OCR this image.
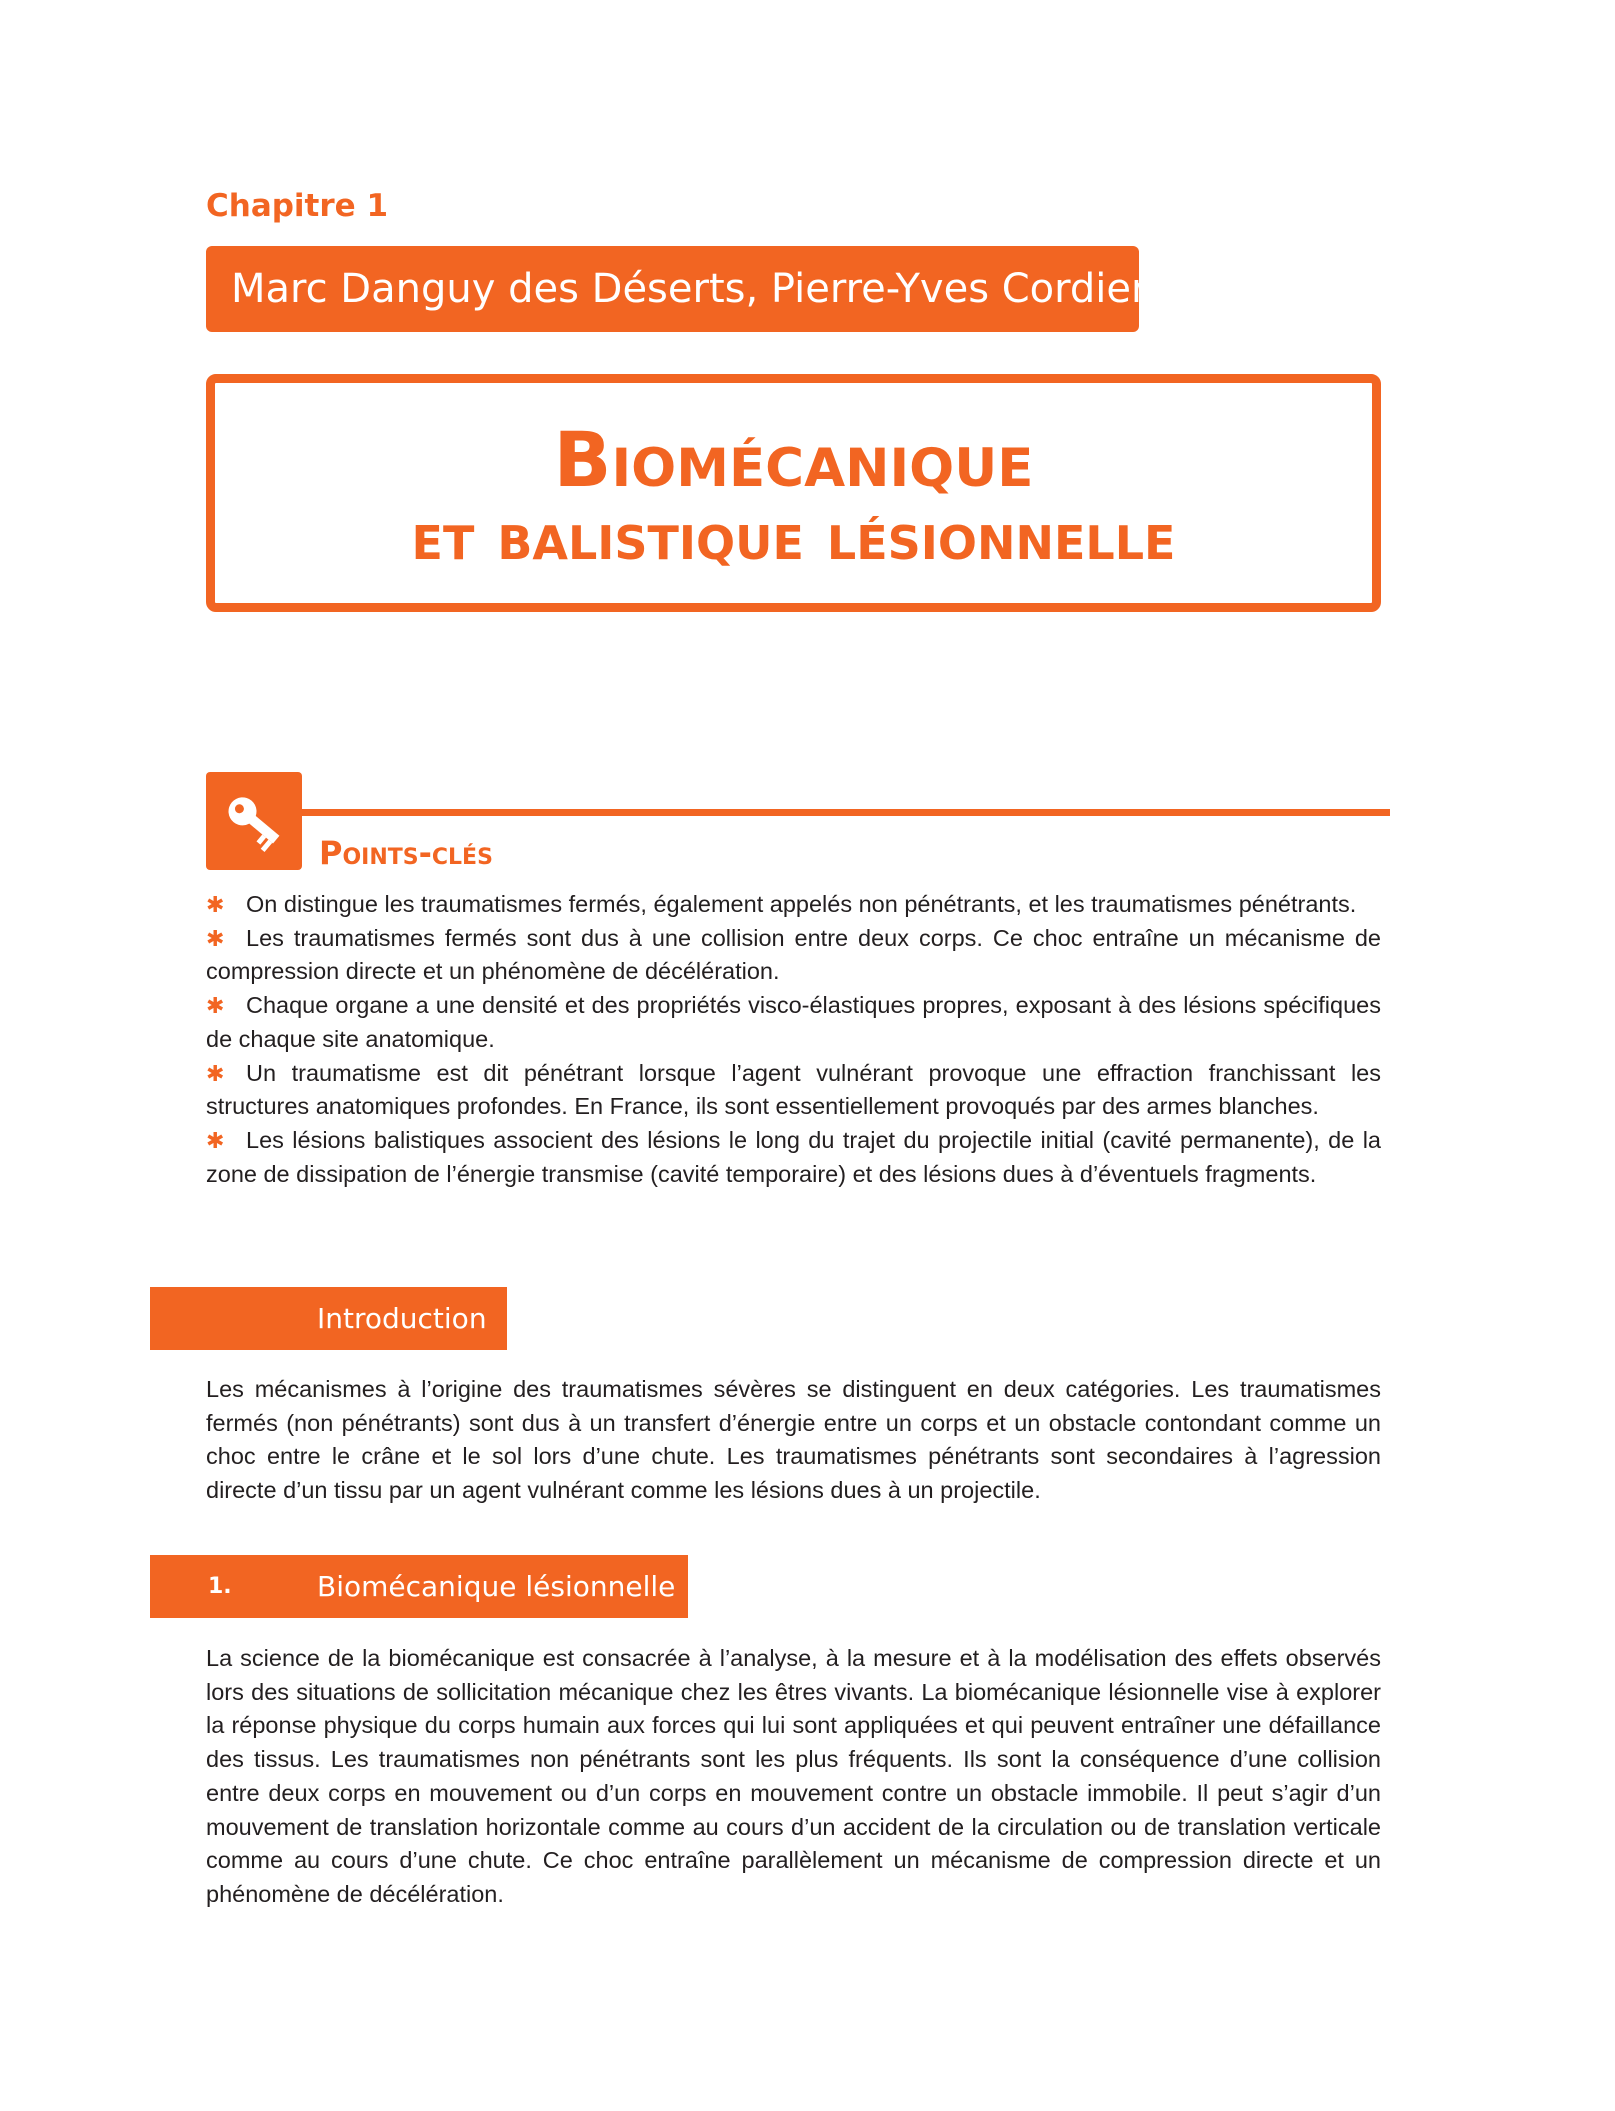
Chapitre 1
Marc Danguy des Déserts, Pierre-Yves Cordier
Biomécanique
et balistique lésionnelle
Points-clés
✱ On distingue les traumatismes fermés, également appelés non pénétrants, et les traumatismes pénétrants.
✱ Les traumatismes fermés sont dus à une collision entre deux corps. Ce choc entraîne un mécanisme de compression directe et un phénomène de décélération.
✱ Chaque organe a une densité et des propriétés visco-élastiques propres, exposant à des lésions spécifiques de chaque site anatomique.
✱ Un traumatisme est dit pénétrant lorsque l’agent vulnérant provoque une effraction franchissant les structures anatomiques profondes. En France, ils sont essentiellement provoqués par des armes blanches.
✱ Les lésions balistiques associent des lésions le long du trajet du projectile initial (cavité permanente), de la zone de dissipation de l’énergie transmise (cavité temporaire) et des lésions dues à d’éventuels fragments.
Introduction

Les mécanismes à l’origine des traumatismes sévères se distinguent en deux catégories. Les traumatismes fermés (non pénétrants) sont dus à un transfert d’énergie entre un corps et un obstacle contondant comme un choc entre le crâne et le sol lors d’une chute. Les traumatismes pénétrants sont secondaires à l’agression directe d’un tissu par un agent vulnérant comme les lésions dues à un projectile.

1.	Biomécanique lésionnelle

La science de la biomécanique est consacrée à l’analyse, à la mesure et à la modélisation des effets observés lors des situations de sollicitation mécanique chez les êtres vivants. La biomécanique lésionnelle vise à explorer la réponse physique du corps humain aux forces qui lui sont appliquées et qui peuvent entraîner une défaillance des tissus. Les traumatismes non pénétrants sont les plus fréquents. Ils sont la conséquence d’une collision entre deux corps en mouvement ou d’un corps en mouvement contre un obstacle immobile. Il peut s’agir d’un mouvement de translation horizontale comme au cours d’un accident de la circulation ou de translation verticale comme au cours d’une chute. Ce choc entraîne parallèlement un mécanisme de compression directe et un phénomène de décélération.
